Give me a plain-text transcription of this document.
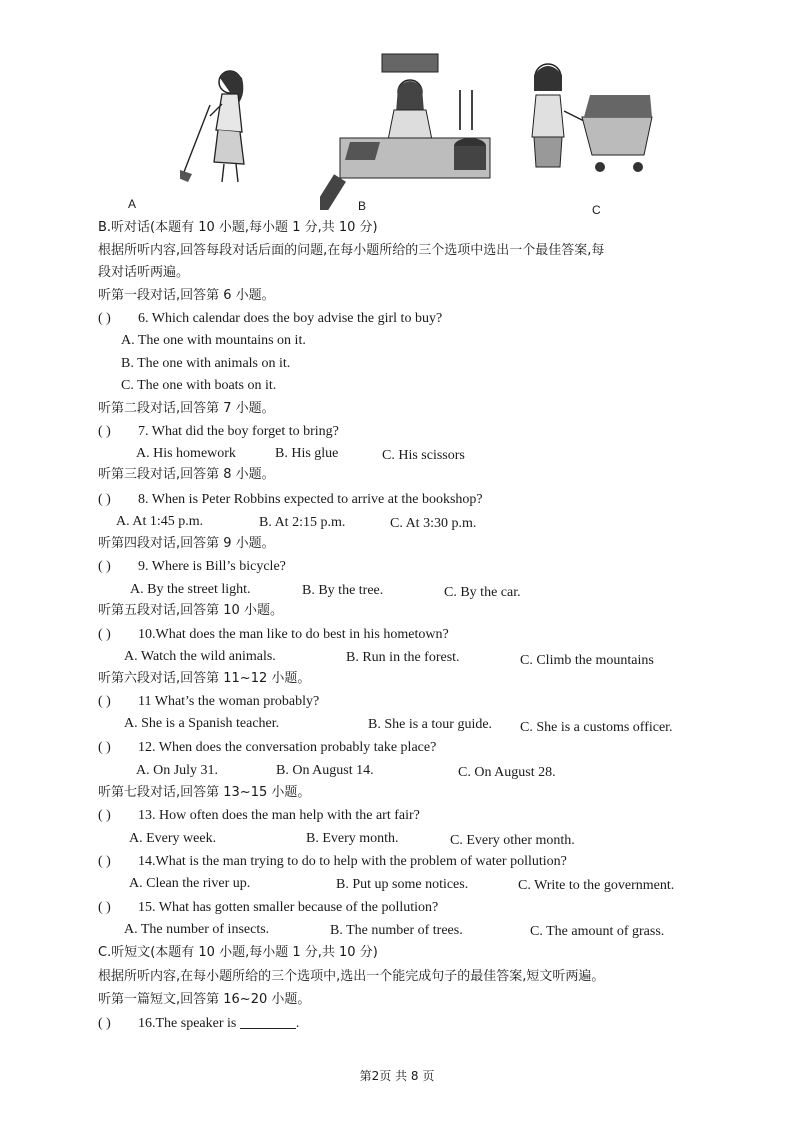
A	B	C
B.听对话(本题有 10 小题,每小题 1 分,共 10 分)
根据所听内容,回答每段对话后面的问题,在每小题所给的三个选项中选出一个最佳答案,每
段对话听两遍。
听第一段对话,回答第 6 小题。
( ) 6. Which calendar does the boy advise the girl to buy?
A. The one with mountains on it.
B. The one with animals on it.
C. The one with boats on it.
听第二段对话,回答第 7 小题。
( ) 7. What did the boy forget to bring?
A. His homework	B. His glue	C. His scissors
听第三段对话,回答第 8 小题。
( ) 8. When is Peter Robbins expected to arrive at the bookshop?
A. At 1:45 p.m.	B. At 2:15 p.m.	C. At 3:30 p.m.
听第四段对话,回答第 9 小题。
( ) 9. Where is Bill’s bicycle?
A. By the street light.	B. By the tree.	C. By the car.
听第五段对话,回答第 10 小题。
( ) 10.What does the man like to do best in his hometown?
A. Watch the wild animals.	B. Run in the forest.	C. Climb the mountains
听第六段对话,回答第 11~12 小题。
( ) 11 What’s the woman probably?
A. She is a Spanish teacher.	B. She is a tour guide. C. She is a customs officer.
( ) 12. When does the conversation probably take place?
A. On July 31.	B. On August 14.	C. On August 28.
听第七段对话,回答第 13~15 小题。
( ) 13. How often does the man help with the art fair?
A. Every week.	B. Every month.	C. Every other month.
( ) 14.What is the man trying to do to help with the problem of water pollution?
A. Clean the river up.	B. Put up some notices.	C. Write to the government.
( ) 15. What has gotten smaller because of the pollution?
A. The number of insects.	B. The number of trees.	C. The amount of grass.
C.听短文(本题有 10 小题,每小题 1 分,共 10 分)
根据所听内容,在每小题所给的三个选项中,选出一个能完成句子的最佳答案,短文听两遍。
听第一篇短文,回答第 16~20 小题。
( ) 16.The speaker is	.
第2页 共 8 页
